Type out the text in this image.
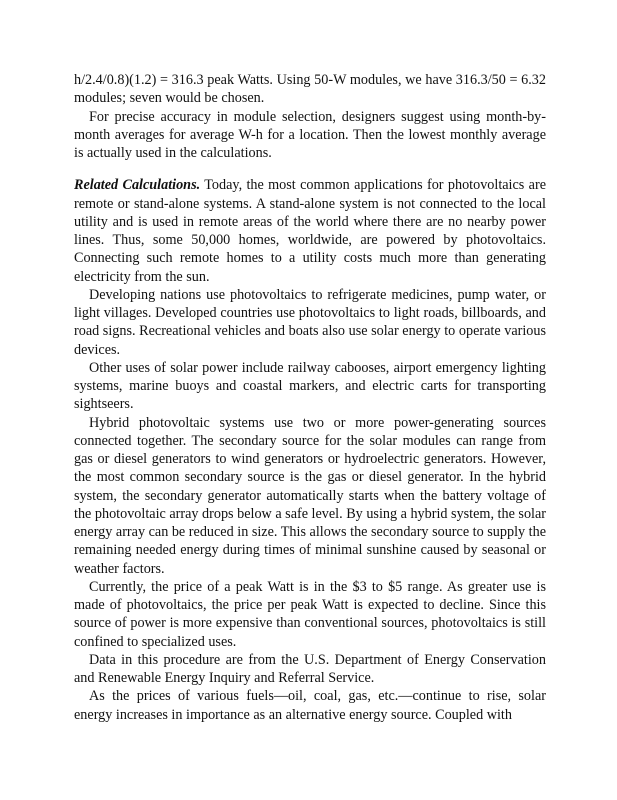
h/2.4/0.8)(1.2) = 316.3 peak Watts. Using 50-W modules, we have 316.3/50 = 6.32 modules; seven would be chosen.

For precise accuracy in module selection, designers suggest using month-by-month averages for average W-h for a location. Then the lowest monthly average is actually used in the calculations.

Related Calculations. Today, the most common applications for photovoltaics are remote or stand-alone systems. A stand-alone system is not connected to the local utility and is used in remote areas of the world where there are no nearby power lines. Thus, some 50,000 homes, worldwide, are powered by photovoltaics. Connecting such remote homes to a utility costs much more than generating electricity from the sun.

Developing nations use photovoltaics to refrigerate medicines, pump water, or light villages. Developed countries use photovoltaics to light roads, billboards, and road signs. Recreational vehicles and boats also use solar energy to operate various devices.

Other uses of solar power include railway cabooses, airport emergency lighting systems, marine buoys and coastal markers, and electric carts for transporting sightseers.

Hybrid photovoltaic systems use two or more power-generating sources connected together. The secondary source for the solar modules can range from gas or diesel generators to wind generators or hydroelectric generators. However, the most common secondary source is the gas or diesel generator. In the hybrid system, the secondary generator automatically starts when the battery voltage of the photovoltaic array drops below a safe level. By using a hybrid system, the solar energy array can be reduced in size. This allows the secondary source to supply the remaining needed energy during times of minimal sunshine caused by seasonal or weather factors.

Currently, the price of a peak Watt is in the $3 to $5 range. As greater use is made of photovoltaics, the price per peak Watt is expected to decline. Since this source of power is more expensive than conventional sources, photovoltaics is still confined to specialized uses.

Data in this procedure are from the U.S. Department of Energy Conservation and Renewable Energy Inquiry and Referral Service.

As the prices of various fuels—oil, coal, gas, etc.—continue to rise, solar energy increases in importance as an alternative energy source. Coupled with
